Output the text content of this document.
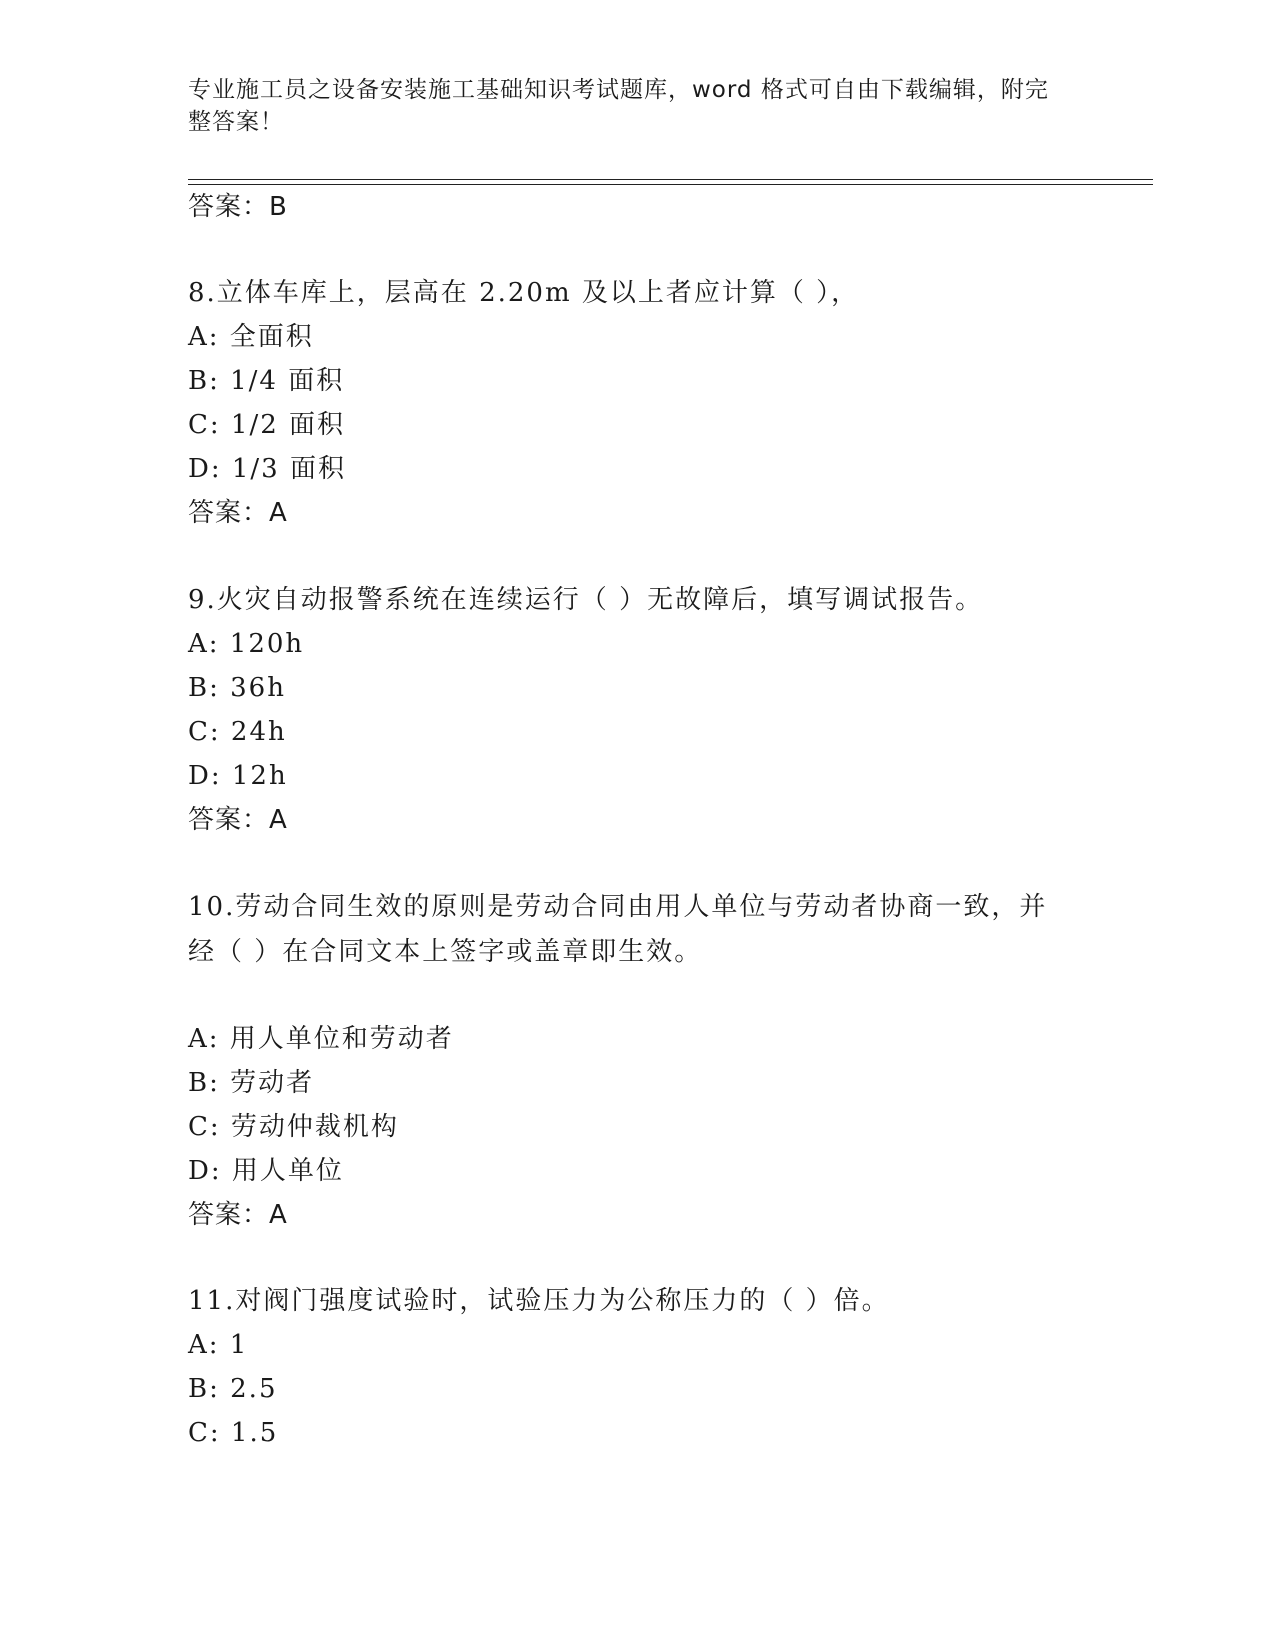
专业施工员之设备安装施工基础知识考试题库，word 格式可自由下载编辑，附完整答案！
答案：B
8.立体车库上，层高在 2.20m 及以上者应计算（ ），
A: 全面积
B: 1/4 面积
C: 1/2 面积
D: 1/3 面积
答案：A
9.火灾自动报警系统在连续运行（ ）无故障后，填写调试报告。
A: 120h
B: 36h
C: 24h
D: 12h
答案：A
10.劳动合同生效的原则是劳动合同由用人单位与劳动者协商一致，并经（ ）在合同文本上签字或盖章即生效。
A: 用人单位和劳动者
B: 劳动者
C: 劳动仲裁机构
D: 用人单位
答案：A
11.对阀门强度试验时，试验压力为公称压力的（ ）倍。
A: 1
B: 2.5
C: 1.5
